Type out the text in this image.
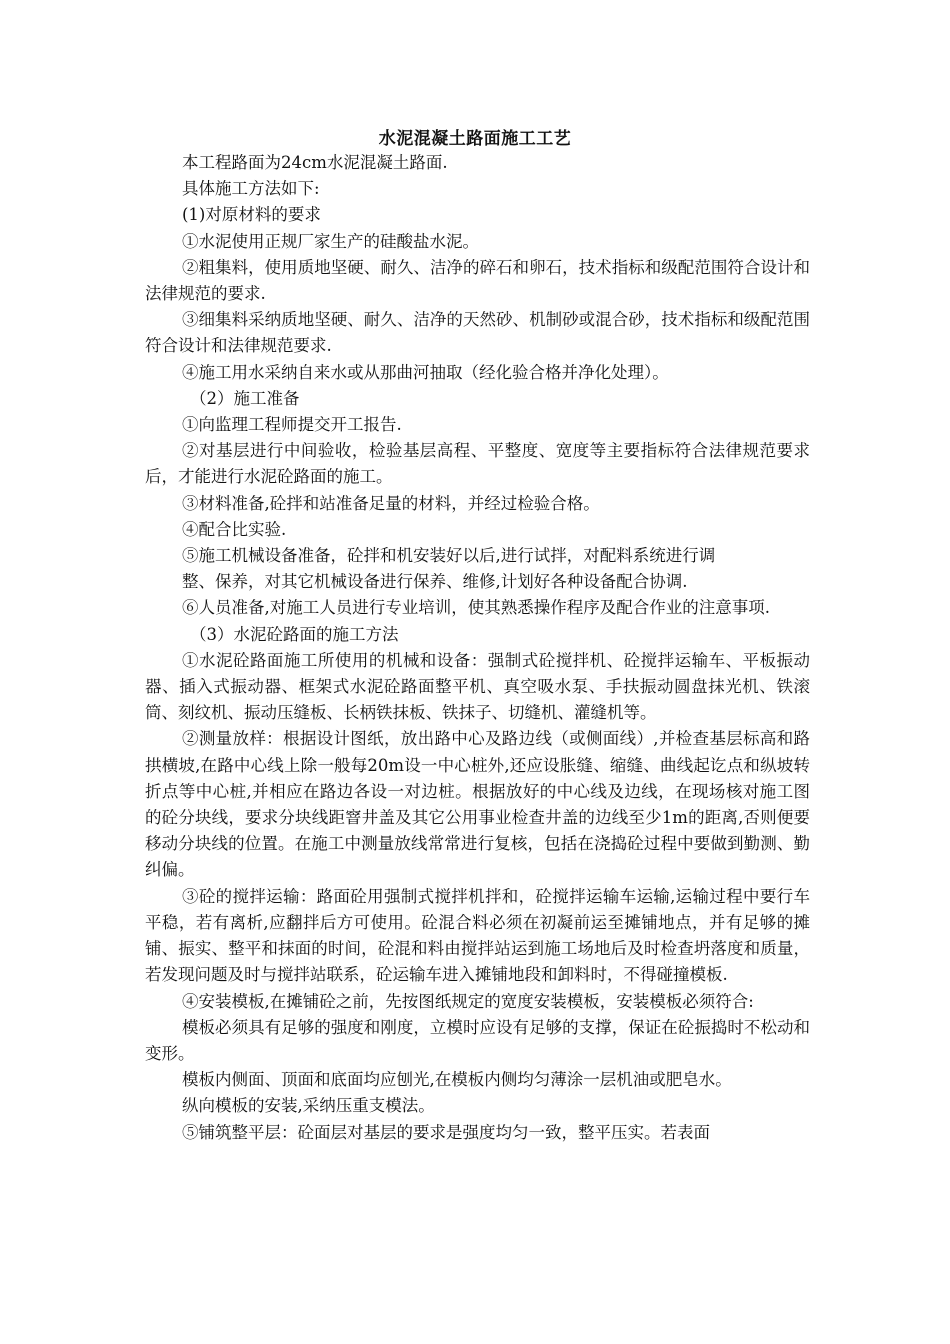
水泥混凝土路面施工工艺

本工程路面为24cm水泥混凝土路面.

具体施工方法如下:

(1)对原材料的要求

①水泥使用正规厂家生产的硅酸盐水泥。

②粗集料，使用质地坚硬、耐久、洁净的碎石和卵石，技术指标和级配范围符合设计和法律规范的要求.

③细集料采纳质地坚硬、耐久、洁净的天然砂、机制砂或混合砂，技术指标和级配范围符合设计和法律规范要求.

④施工用水采纳自来水或从那曲河抽取（经化验合格并净化处理）。

（2）施工准备

①向监理工程师提交开工报告.

②对基层进行中间验收，检验基层高程、平整度、宽度等主要指标符合法律规范要求后，才能进行水泥砼路面的施工。

③材料准备,砼拌和站准备足量的材料，并经过检验合格。

④配合比实验.

⑤施工机械设备准备，砼拌和机安装好以后,进行试拌，对配料系统进行调

整、保养，对其它机械设备进行保养、维修,计划好各种设备配合协调.

⑥人员准备,对施工人员进行专业培训，使其熟悉操作程序及配合作业的注意事项.

（3）水泥砼路面的施工方法

①水泥砼路面施工所使用的机械和设备：强制式砼搅拌机、砼搅拌运输车、平板振动器、插入式振动器、框架式水泥砼路面整平机、真空吸水泵、手扶振动圆盘抹光机、铁滚筒、刻纹机、振动压缝板、长柄铁抹板、铁抹子、切缝机、灌缝机等。

②测量放样：根据设计图纸，放出路中心及路边线（或侧面线）,并检查基层标高和路拱横坡,在路中心线上除一般每20m设一中心桩外,还应设胀缝、缩缝、曲线起讫点和纵坡转折点等中心桩,并相应在路边各设一对边桩。根据放好的中心线及边线，在现场核对施工图的砼分块线，要求分块线距窨井盖及其它公用事业检查井盖的边线至少1m的距离,否则便要移动分块线的位置。在施工中测量放线常常进行复核，包括在浇捣砼过程中要做到勤测、勤纠偏。

③砼的搅拌运输：路面砼用强制式搅拌机拌和，砼搅拌运输车运输,运输过程中要行车平稳，若有离析,应翻拌后方可使用。砼混合料必须在初凝前运至摊铺地点，并有足够的摊铺、振实、整平和抹面的时间，砼混和料由搅拌站运到施工场地后及时检查坍落度和质量，若发现问题及时与搅拌站联系，砼运输车进入摊铺地段和卸料时，不得碰撞模板.

④安装模板,在摊铺砼之前，先按图纸规定的宽度安装模板，安装模板必须符合:

模板必须具有足够的强度和刚度，立模时应设有足够的支撑，保证在砼振捣时不松动和变形。

模板内侧面、顶面和底面均应刨光,在模板内侧均匀薄涂一层机油或肥皂水。

纵向模板的安装,采纳压重支模法。

⑤铺筑整平层：砼面层对基层的要求是强度均匀一致，整平压实。若表面
